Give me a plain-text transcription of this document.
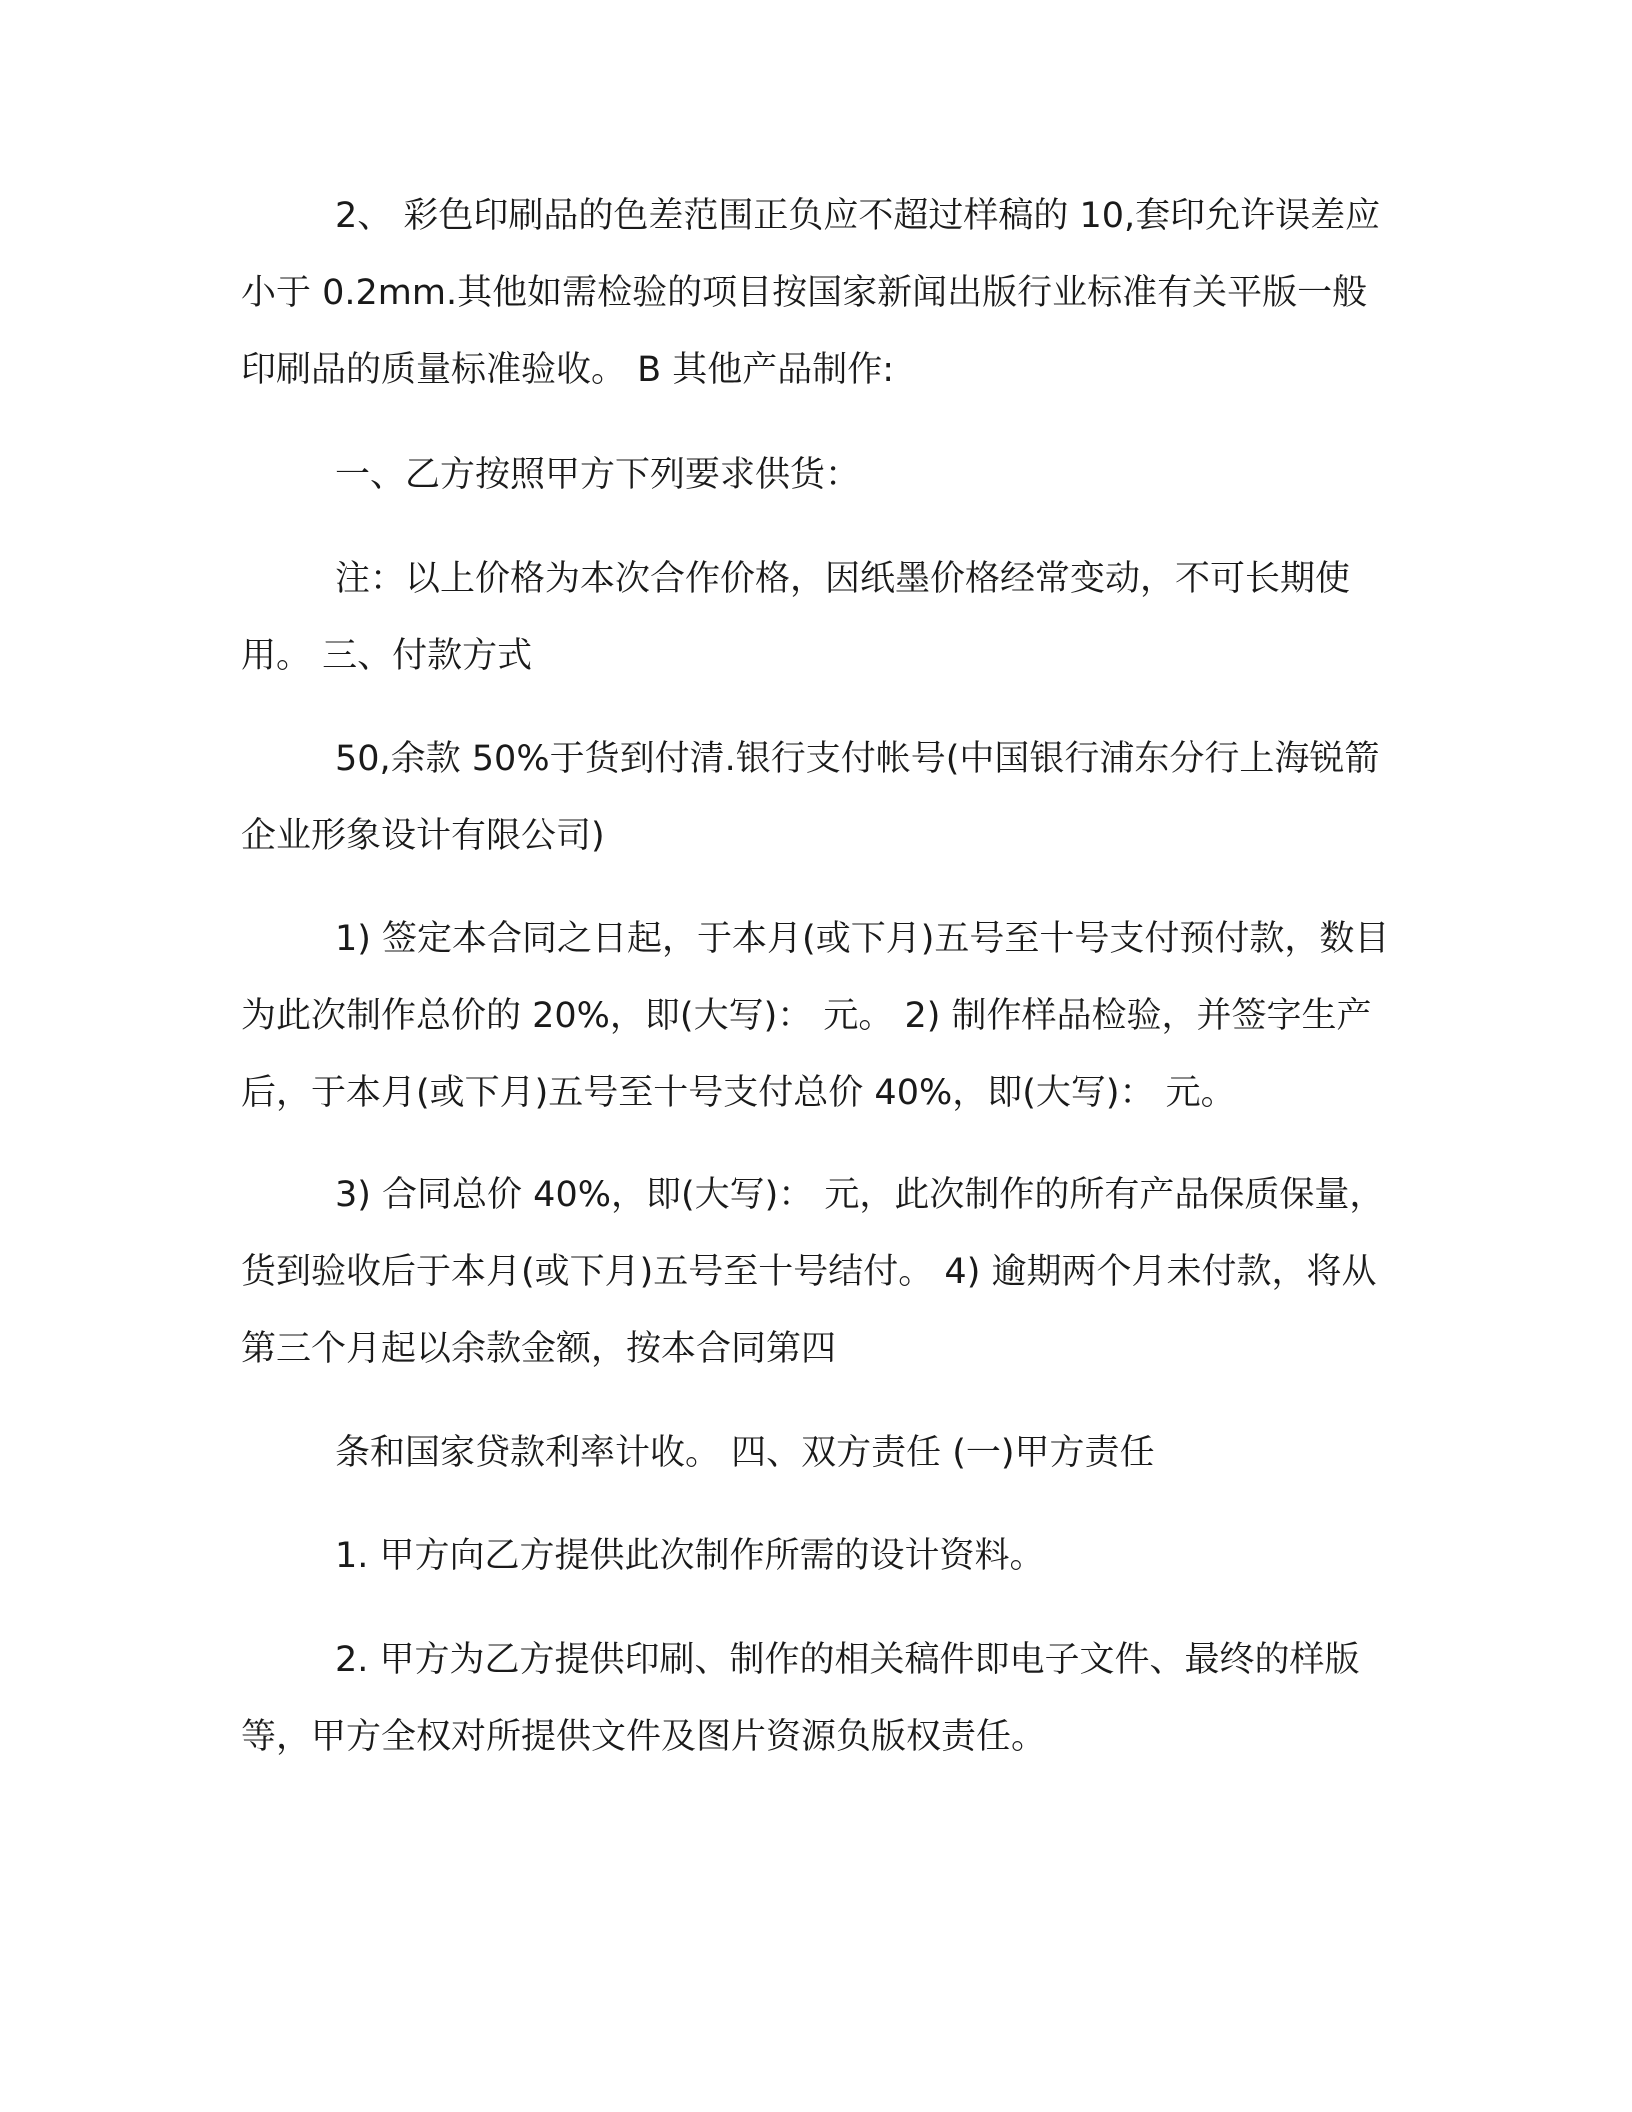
2、 彩色印刷品的色差范围正负应不超过样稿的 10,套印允许误差应小于 0.2mm.其他如需检验的项目按国家新闻出版行业标准有关平版一般印刷品的质量标准验收。 B 其他产品制作:

一、乙方按照甲方下列要求供货：

注：以上价格为本次合作价格，因纸墨价格经常变动，不可长期使用。 三、付款方式

50,余款 50%于货到付清.银行支付帐号(中国银行浦东分行上海锐箭企业形象设计有限公司)

1) 签定本合同之日起，于本月(或下月)五号至十号支付预付款，数目为此次制作总价的 20%，即(大写)： 元。 2) 制作样品检验，并签字生产后，于本月(或下月)五号至十号支付总价 40%，即(大写)： 元。

3) 合同总价 40%，即(大写)： 元，此次制作的所有产品保质保量，货到验收后于本月(或下月)五号至十号结付。 4) 逾期两个月未付款，将从第三个月起以余款金额，按本合同第四

条和国家贷款利率计收。 四、双方责任 (一)甲方责任

1. 甲方向乙方提供此次制作所需的设计资料。

2. 甲方为乙方提供印刷、制作的相关稿件即电子文件、最终的样版等，甲方全权对所提供文件及图片资源负版权责任。
